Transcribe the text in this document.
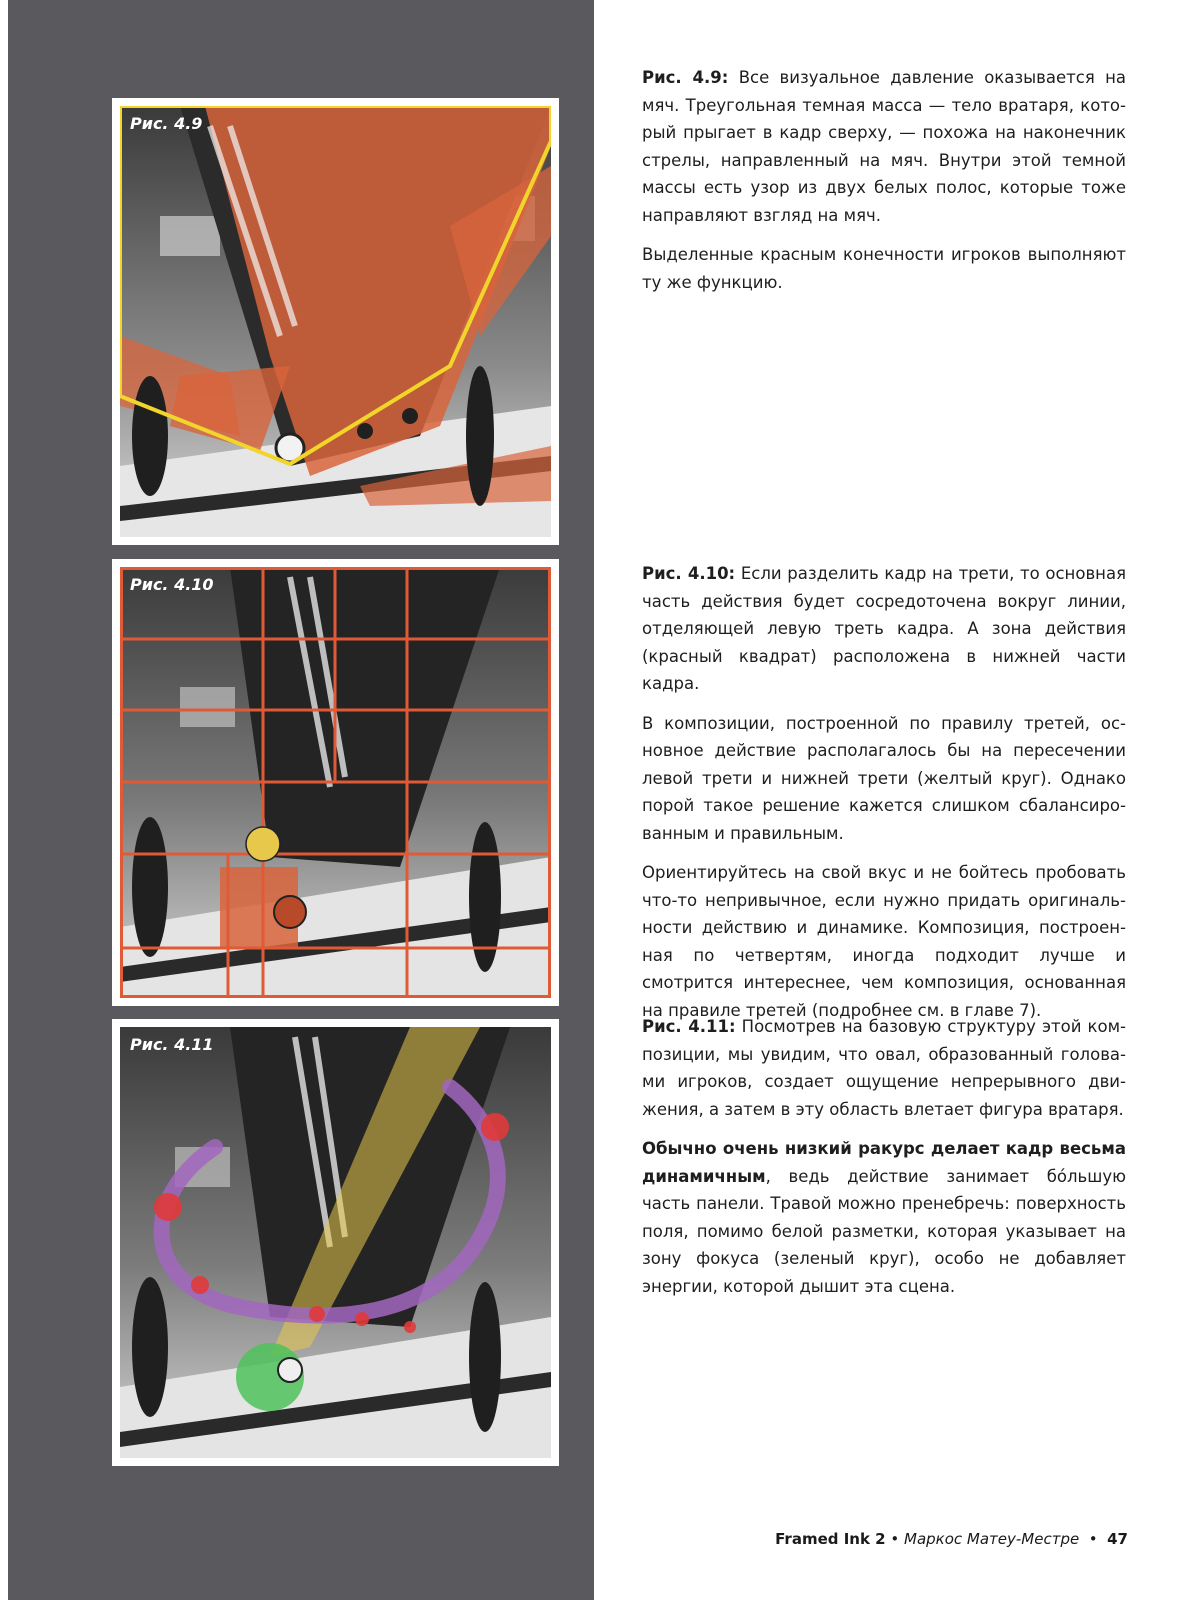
Рис. 4.9
Рис. 4.10
Рис. 4.11

Рис. 4.9: Все визуальное давление оказывается на мяч. Треугольная темная масса — тело вратаря, который прыгает в кадр сверху, — похожа на наконечник стрелы, направленный на мяч. Внутри этой темной массы есть узор из двух белых полос, которые тоже направляют взгляд на мяч.

Выделенные красным конечности игроков выполняют ту же функцию.

Рис. 4.10: Если разделить кадр на трети, то основная часть действия будет сосредоточена вокруг линии, отделяющей левую треть кадра. А зона действия (красный квадрат) расположена в нижней части кадра.

В композиции, построенной по правилу третей, основное действие располагалось бы на пересечении левой трети и нижней трети (желтый круг). Однако порой такое решение кажется слишком сбалансированным и правильным.

Ориентируйтесь на свой вкус и не бойтесь пробовать что-то непривычное, если нужно придать оригинальности действию и динамике. Композиция, построенная по четвертям, иногда подходит лучше и смотрится интереснее, чем композиция, основанная на правиле третей (подробнее см. в главе 7).

Рис. 4.11: Посмотрев на базовую структуру этой композиции, мы увидим, что овал, образованный головами игроков, создает ощущение непрерывного движения, а затем в эту область влетает фигура вратаря.

Обычно очень низкий ракурс делает кадр весьма динамичным, ведь действие занимает бóльшую часть панели. Травой можно пренебречь: поверхность поля, помимо белой разметки, которая указывает на зону фокуса (зеленый круг), особо не добавляет энергии, которой дышит эта сцена.

Framed Ink 2 • Маркос Матеу-Местре  •  47
